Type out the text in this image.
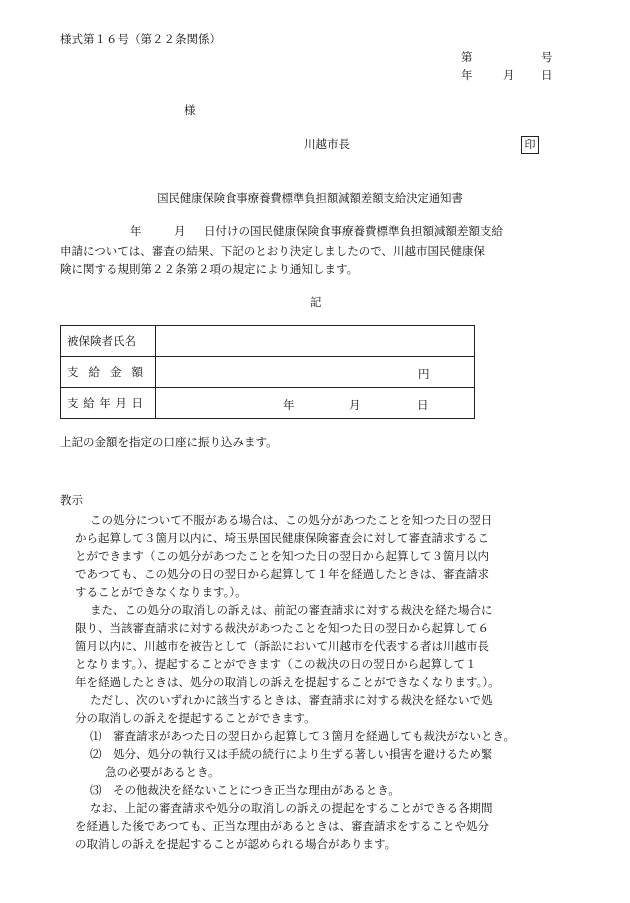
様式第１６号（第２２条関係）
第	号
年	月 日
様
川越市長	印
国民健康保険食事療養費標準負担額減額差額支給決定通知書
年	月 日付けの国民健康保険食事療養費標準負担額減額差額支給
申請については、審査の結果、下記のとおり決定しましたので、川越市国民健康保
険に関する規則第２２条第２項の規定により通知します。
記
被保険者氏名	

支 給 金 額	円

支 給 年 月 日	年 月 日
上記の金額を指定の口座に振り込みます。
教示
この処分について不服がある場合は、この処分があつたことを知つた日の翌日
から起算して３箇月以内に、埼玉県国民健康保険審査会に対して審査請求するこ
とができます（この処分があつたことを知つた日の翌日から起算して３箇月以内
であつても、この処分の日の翌日から起算して１年を経過したときは、審査請求
することができなくなります。）。
また、この処分の取消しの訴えは、前記の審査請求に対する裁決を経た場合に
限り、当該審査請求に対する裁決があつたことを知つた日の翌日から起算して６
箇月以内に、川越市を被告として（訴訟において川越市を代表する者は川越市長
となります。）、提起することができます（この裁決の日の翌日から起算して１
年を経過したときは、処分の取消しの訴えを提起することができなくなります。）。
ただし、次のいずれかに該当するときは、審査請求に対する裁決を経ないで処
分の取消しの訴えを提起することができます。
⑴　審査請求があつた日の翌日から起算して３箇月を経過しても裁決がないとき。
⑵　処分、処分の執行又は手続の続行により生ずる著しい損害を避けるため緊
急の必要があるとき。
⑶　その他裁決を経ないことにつき正当な理由があるとき。
なお、上記の審査請求や処分の取消しの訴えの提起をすることができる各期間
を経過した後であつても、正当な理由があるときは、審査請求をすることや処分
の取消しの訴えを提起することが認められる場合があります。
